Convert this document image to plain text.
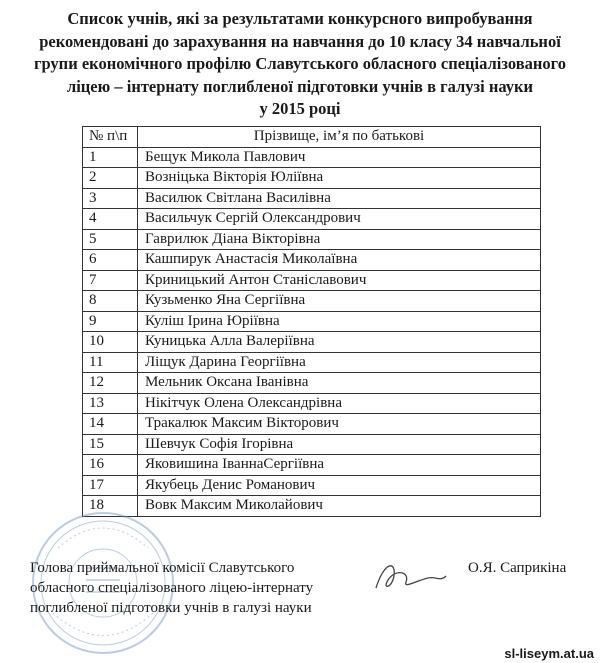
Список учнів, які за результатами конкурсного випробування
рекомендовані до зарахування на навчання до 10 класу 34 навчальної
групи економічного профілю Славутського обласного спеціалізованого
ліцею – інтернату поглибленої підготовки учнів в галузі науки
у 2015 році
№ п\п	Прізвище, ім’я по батькові
1	Бещук Микола Павлович
2	Возніцька Вікторія Юліївна
3	Василюк Світлана Василівна
4	Васильчук Сергій Олександрович
5	Гаврилюк Діана Вікторівна
6	Кашпирук Анастасія Миколаївна
7	Криницький Антон Станіславович
8	Кузьменко Яна Сергіївна
9	Куліш Ірина Юріївна
10	Куницька Алла Валеріївна
11	Ліщук Дарина Георгіївна
12	Мельник Оксана Іванівна
13	Нікітчук Олена Олександрівна
14	Тракалюк Максим Вікторович
15	Шевчук Софія Ігорівна
16	Яковишина ІваннаСергіївна
17	Якубець Денис Романович
18	Вовк Максим Миколайович
Голова приймальної комісії Славутського
обласного спеціалізованого ліцею-інтернату
поглибленої підготовки учнів в галузі науки
О.Я. Саприкіна
sl-liseym.at.ua
